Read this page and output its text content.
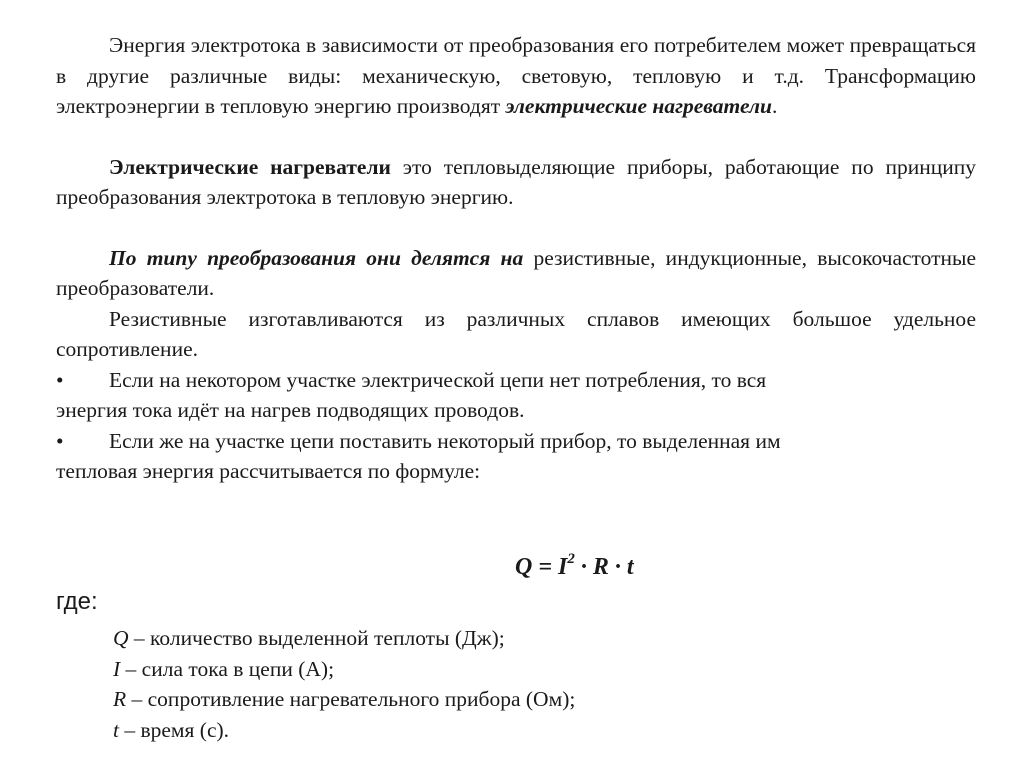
Энергия электротока в зависимости от преобразования его потребителем может превращаться в другие различные виды: механическую, световую, тепловую и т.д. Трансформацию электроэнергии в тепловую энергию производят электрические нагреватели.

Электрические нагреватели это тепловыделяющие приборы, работающие по принципу преобразования электротока в тепловую энергию.

По типу преобразования они делятся на резистивные, индукционные, высокочастотные преобразователи.

Резистивные изготавливаются из различных сплавов имеющих большое удельное сопротивление.

•	Если на некотором участке электрической цепи нет потребления, то вся
энергия тока идёт на нагрев подводящих проводов.
•	Если же на участке цепи поставить некоторый прибор, то выделенная им
тепловая энергия рассчитывается по формуле:
$Q = I^2 \cdot R \cdot t$
где:
Q – количество выделенной теплоты (Дж);
I – сила тока в цепи (А);
R – сопротивление нагревательного прибора (Ом);
t – время (с).
